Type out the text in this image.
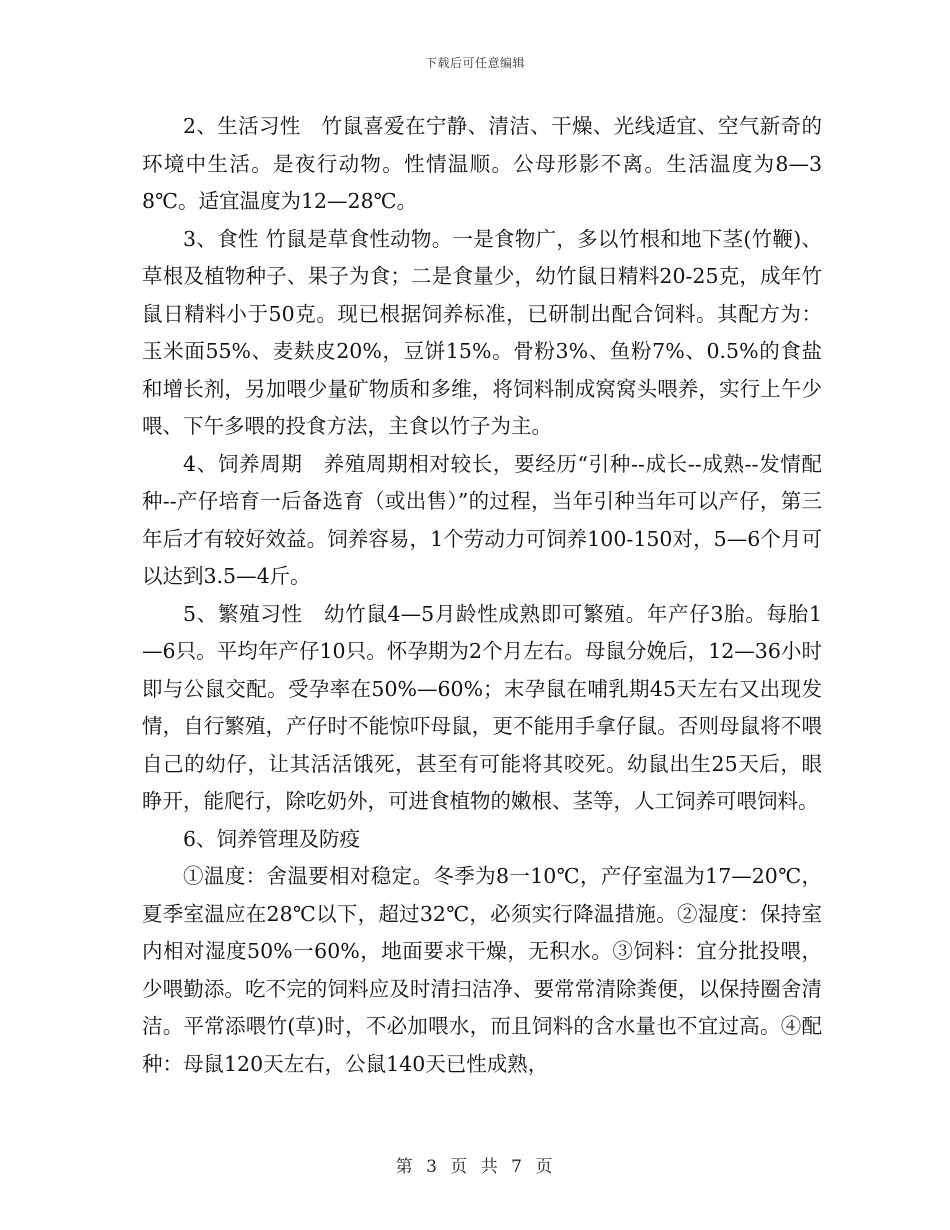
下载后可任意编辑

2、生活习性　竹鼠喜爱在宁静、清洁、干燥、光线适宜、空气新奇的环境中生活。是夜行动物。性情温顺。公母形影不离。生活温度为8—38℃。适宜温度为12—28℃。

3、食性 竹鼠是草食性动物。一是食物广，多以竹根和地下茎(竹鞭)、草根及植物种子、果子为食；二是食量少，幼竹鼠日精料20-25克，成年竹鼠日精料小于50克。现已根据饲养标准，已研制出配合饲料。其配方为：玉米面55%、麦麸皮20%，豆饼15%。骨粉3%、鱼粉7%、0.5%的食盐和增长剂，另加喂少量矿物质和多维，将饲料制成窝窝头喂养，实行上午少喂、下午多喂的投食方法，主食以竹子为主。

4、饲养周期　养殖周期相对较长，要经历“引种--成长--成熟--发情配种--产仔培育一后备选育（或出售）”的过程，当年引种当年可以产仔，第三年后才有较好效益。饲养容易，1个劳动力可饲养100-150对，5—6个月可以达到3.5—4斤。

5、繁殖习性　幼竹鼠4—5月龄性成熟即可繁殖。年产仔3胎。每胎1—6只。平均年产仔10只。怀孕期为2个月左右。母鼠分娩后，12—36小时即与公鼠交配。受孕率在50%—60%；末孕鼠在哺乳期45天左右又出现发情，自行繁殖，产仔时不能惊吓母鼠，更不能用手拿仔鼠。否则母鼠将不喂自己的幼仔，让其活活饿死，甚至有可能将其咬死。幼鼠出生25天后，眼睁开，能爬行，除吃奶外，可进食植物的嫩根、茎等，人工饲养可喂饲料。

6、饲养管理及防疫

①温度：舍温要相对稳定。冬季为8一10℃，产仔室温为17—20℃，夏季室温应在28℃以下，超过32℃，必须实行降温措施。②湿度：保持室内相对湿度50%一60%，地面要求干燥，无积水。③饲料：宜分批投喂，少喂勤添。吃不完的饲料应及时清扫洁净、要常常清除粪便，以保持圈舍清洁。平常添喂竹(草)时，不必加喂水，而且饲料的含水量也不宜过高。④配种：母鼠120天左右，公鼠140天已性成熟，

第 3 页 共 7 页
